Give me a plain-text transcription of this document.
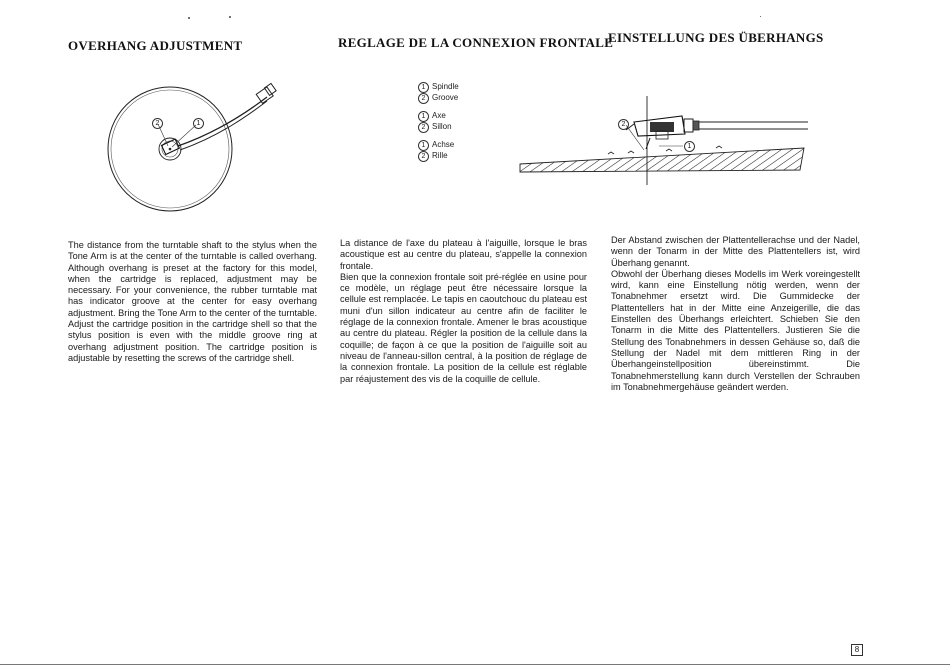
OVERHANG ADJUSTMENT	REGLAGE DE LA CONNEXION FRONTALE
EINSTELLUNG DES ÜBERHANGS
2	1
1 Spindle
2 Groove
1 Axe
2 Sillon
1 Achse
2 Rille
2
1

The distance from the turntable shaft to the stylus when the Tone Arm is at the center of the turntable is called overhang. Although overhang is preset at the factory for this model, when the cartridge is replaced, adjustment may be necessary. For your convenience, the rubber turntable mat has indicator groove at the center for easy overhang adjustment. Bring the Tone Arm to the center of the turntable. Adjust the cartridge position in the cartridge shell so that the stylus position is even with the middle groove ring at overhang adjustment position. The cartridge position is adjustable by resetting the screws of the cartridge shell.

La distance de l'axe du plateau à l'aiguille, lorsque le bras acoustique est au centre du plateau, s'appelle la connexion frontale.

Bien que la connexion frontale soit pré-réglée en usine pour ce modèle, un réglage peut être nécessaire lorsque la cellule est remplacée. Le tapis en caoutchouc du plateau est muni d'un sillon indicateur au centre afin de faciliter le réglage de la connexion frontale. Amener le bras acoustique au centre du plateau. Régler la position de la cellule dans la coquille; de façon à ce que la position de l'aiguille soit au niveau de l'anneau-sillon central, à la position de réglage de la connexion frontale. La position de la cellule est réglable par réajustement des vis de la coquille de cellule.

Der Abstand zwischen der Plattentellerachse und der Nadel, wenn der Tonarm in der Mitte des Plattentellers ist, wird Überhang genannt.

Obwohl der Überhang dieses Modells im Werk voreingestellt wird, kann eine Einstellung nötig werden, wenn der Tonabnehmer ersetzt wird. Die Gummidecke der Plattentellers hat in der Mitte eine Anzeigerille, die das Einstellen des Überhangs erleichtert. Schieben Sie den Tonarm in die Mitte des Plattentellers. Justieren Sie die Stellung des Tonabnehmers in dessen Gehäuse so, daß die Stellung der Nadel mit dem mittleren Ring in der Überhangeinstellposition übereinstimmt. Die Tonabnehmerstellung kann durch Verstellen der Schrauben im Tonabnehmergehäuse geändert werden.

8
